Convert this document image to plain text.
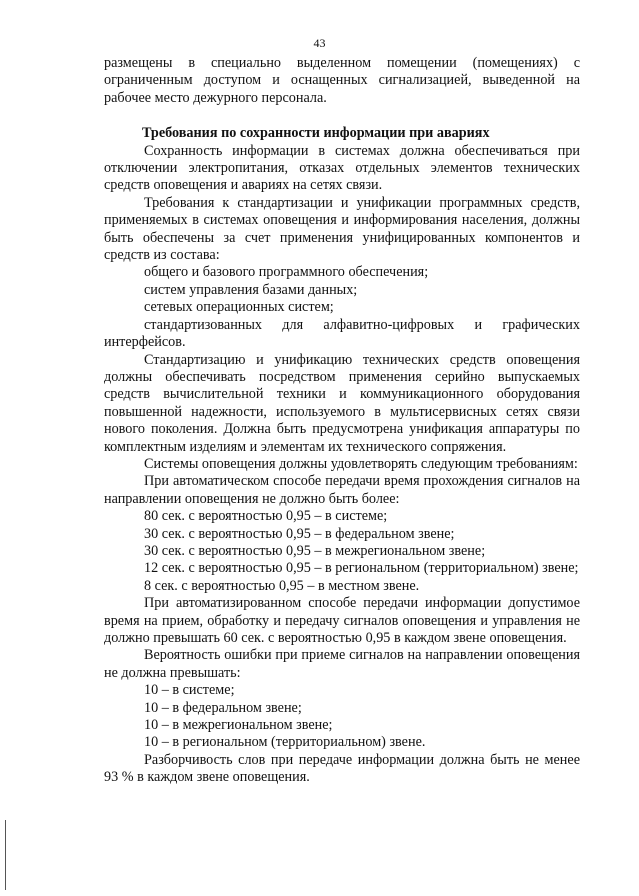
43

размещены в специально выделенном помещении (помещениях) с ограниченным доступом и оснащенных сигнализацией, выведенной на рабочее место дежурного персонала.

Требования по сохранности информации при авариях

Сохранность информации в системах должна обеспечиваться при отключении электропитания, отказах отдельных элементов технических средств оповещения и авариях на сетях связи.

Требования к стандартизации и унификации программных средств, применяемых в системах оповещения и информирования населения, должны быть обеспечены за счет применения унифицированных компонентов и средств из состава:

общего и базового программного обеспечения;

систем управления базами данных;

сетевых операционных систем;

стандартизованных для алфавитно-цифровых и графических интерфейсов.

Стандартизацию и унификацию технических средств оповещения должны обеспечивать посредством применения серийно выпускаемых средств вычислительной техники и коммуникационного оборудования повышенной надежности, используемого в мультисервисных сетях связи нового поколения. Должна быть предусмотрена унификация аппаратуры по комплектным изделиям и элементам их технического сопряжения.

Системы оповещения должны удовлетворять следующим требованиям:

При автоматическом способе передачи время прохождения сигналов на направлении оповещения не должно быть более:

80 сек. с вероятностью 0,95 – в системе;

30 сек. с вероятностью 0,95 – в федеральном звене;

30 сек. с вероятностью 0,95 – в межрегиональном звене;

12 сек. с вероятностью 0,95 – в региональном (территориальном) звене;

8 сек. с вероятностью 0,95 – в местном звене.

При автоматизированном способе передачи информации допустимое время на прием, обработку и передачу сигналов оповещения и управления не должно превышать 60 сек. с вероятностью 0,95 в каждом звене оповещения.

Вероятность ошибки при приеме сигналов на направлении оповещения не должна превышать:

10 – в системе;

10 – в федеральном звене;

10 – в межрегиональном звене;

10 – в региональном (территориальном) звене.

Разборчивость слов при передаче информации должна быть не менее 93 % в каждом звене оповещения.
